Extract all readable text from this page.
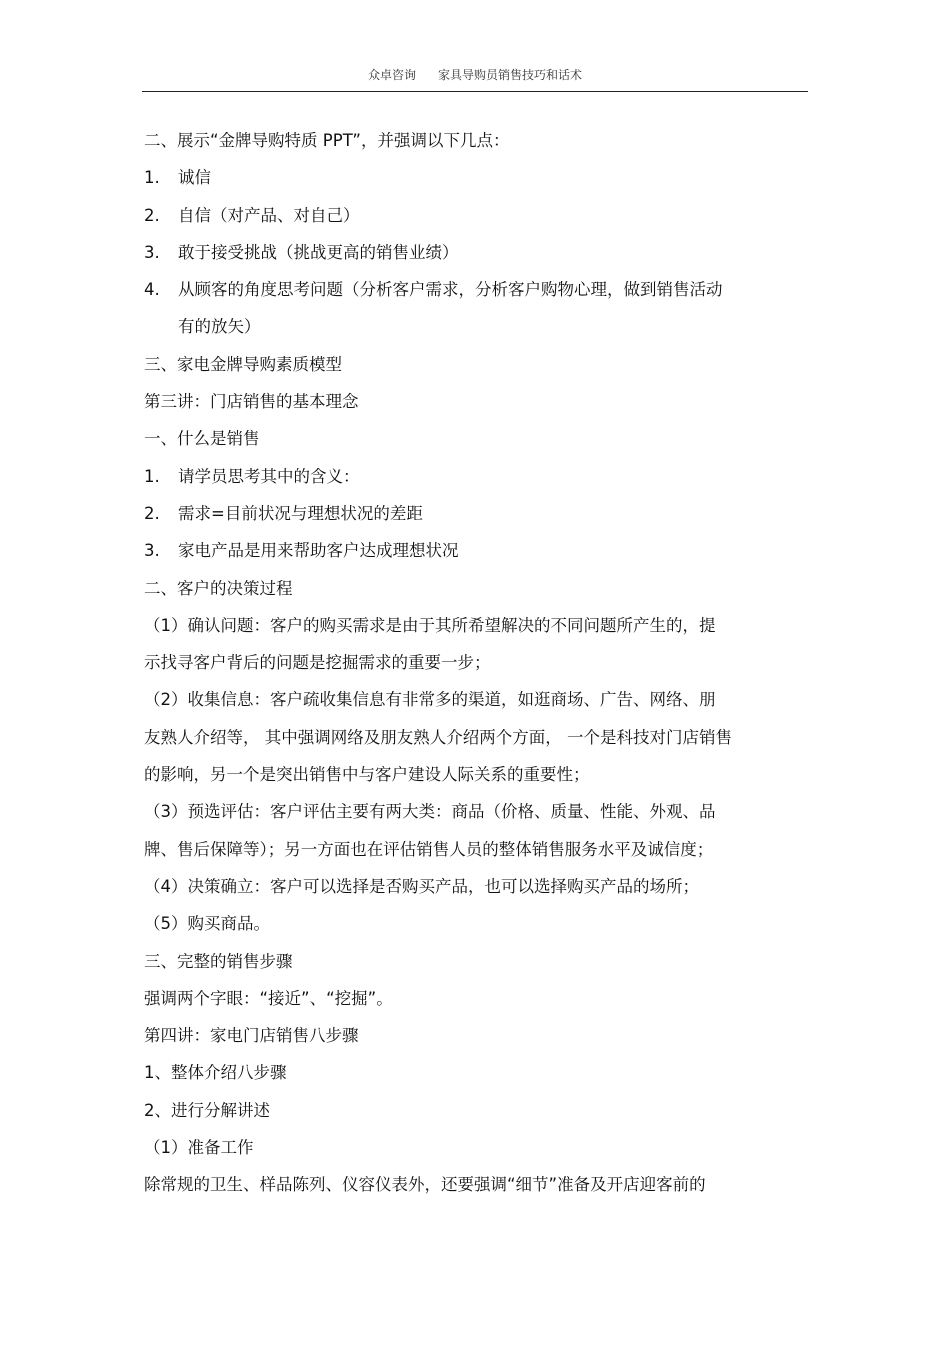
众卓咨询 家具导购员销售技巧和话术
二、展示“金牌导购特质 PPT”，并强调以下几点：
1. 诚信
2. 自信（对产品、对自己）
3. 敢于接受挑战（挑战更高的销售业绩）
4. 从顾客的角度思考问题（分析客户需求，分析客户购物心理，做到销售活动
有的放矢）
三、家电金牌导购素质模型
第三讲：门店销售的基本理念
一、什么是销售
1. 请学员思考其中的含义：
2. 需求=目前状况与理想状况的差距
3. 家电产品是用来帮助客户达成理想状况
二、客户的决策过程
（1）确认问题：客户的购买需求是由于其所希望解决的不同问题所产生的，提
示找寻客户背后的问题是挖掘需求的重要一步；
（2）收集信息：客户疏收集信息有非常多的渠道，如逛商场、广告、网络、朋
友熟人介绍等， 其中强调网络及朋友熟人介绍两个方面， 一个是科技对门店销售
的影响，另一个是突出销售中与客户建设人际关系的重要性；
（3）预选评估：客户评估主要有两大类：商品（价格、质量、性能、外观、品
牌、售后保障等）；另一方面也在评估销售人员的整体销售服务水平及诚信度；
（4）决策确立：客户可以选择是否购买产品，也可以选择购买产品的场所；
（5）购买商品。
三、完整的销售步骤
强调两个字眼：“接近”、“挖掘”。
第四讲：家电门店销售八步骤
1、整体介绍八步骤
2、进行分解讲述
（1）准备工作
除常规的卫生、样品陈列、仪容仪表外，还要强调“细节”准备及开店迎客前的
